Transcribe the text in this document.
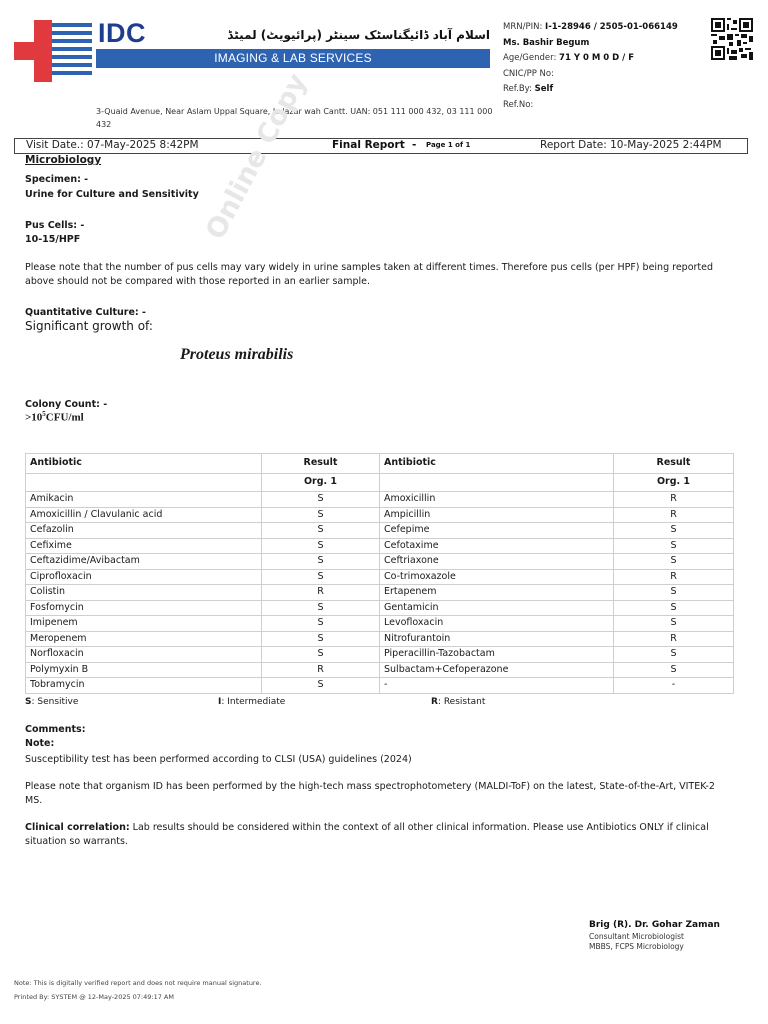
IDC	اسلام آباد ڈائیگناسٹک سینٹر (پرائیویٹ) لمیٹڈ
IMAGING & LAB SERVICES
3-Quaid Avenue, Near Aslam Uppal Square, Lalazar wah Cantt. UAN: 051 111 000 432, 03 111 000 432
MRN/PIN: I-1-28946 / 2505-01-066149
Ms. Bashir Begum
Age/Gender: 71 Y 0 M 0 D / F
CNIC/PP No:
Ref.By: Self
Ref.No:
Visit Date.: 07-May-2025 8:42PM	Final Report - Page 1 of 1	Report Date: 10-May-2025 2:44PM
Online Copy
Microbiology
Specimen: -
Urine for Culture and Sensitivity
Pus Cells: -
10-15/HPF
Please note that the number of pus cells may vary widely in urine samples taken at different times. Therefore pus cells (per HPF) being reported above should not be compared with those reported in an earlier sample.
Quantitative Culture: -
Significant growth of:
Proteus mirabilis
Colony Count: -
$>10^5CFU/ml$
Antibiotic	Result	Antibiotic	Result
	Org. 1		Org. 1
Amikacin	S	Amoxicillin	R
Amoxicillin / Clavulanic acid	S	Ampicillin	R
Cefazolin	S	Cefepime	S
Cefixime	S	Cefotaxime	S
Ceftazidime/Avibactam	S	Ceftriaxone	S
Ciprofloxacin	S	Co-trimoxazole	R
Colistin	R	Ertapenem	S
Fosfomycin	S	Gentamicin	S
Imipenem	S	Levofloxacin	S
Meropenem	S	Nitrofurantoin	R
Norfloxacin	S	Piperacillin-Tazobactam	S
Polymyxin B	R	Sulbactam+Cefoperazone	S
Tobramycin	S	-	-
S: Sensitive	I: Intermediate	R: Resistant
Comments:
Note:
Susceptibility test has been performed according to CLSI (USA) guidelines (2024)
Please note that organism ID has been performed by the high-tech mass spectrophotometery (MALDI-ToF) on the latest, State-of-the-Art, VITEK-2 MS.
Clinical correlation: Lab results should be considered within the context of all other clinical information. Please use Antibiotics ONLY if clinical situation so warrants.
Brig (R). Dr. Gohar Zaman
Consultant Microbiologist
MBBS, FCPS Microbiology
Note: This is digitally verified report and does not require manual signature.
Printed By: SYSTEM @ 12-May-2025 07:49:17 AM
